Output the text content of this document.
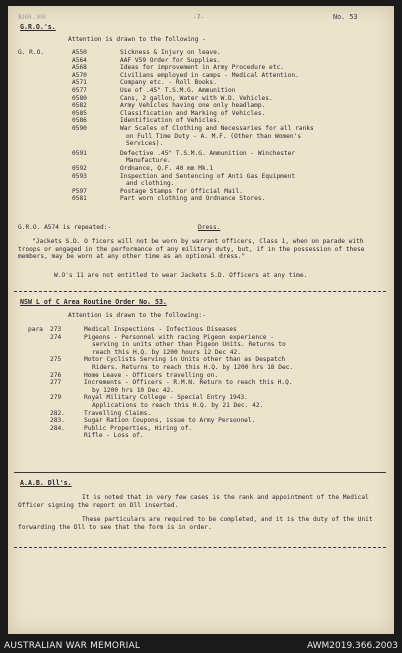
ℝℍℍ.ℍℍ	-7-	No. 53
G.R.O.'s.
Attention is drawn to the following -
G. R.O.	A550	Sickness & Injury on leave.
A564	AAF V59 Order for Supplies.
A568	Ideas for improvement in Army Procedure etc.
A570	Civilians employed in camps - Medical Attention.
A571	Company etc. - Roll Books.
0577	Use of .45" T.S.M.G. Ammunition
0580	Cans, 2 gallon, Water with W.D. Vehicles.
0582	Army Vehicles having one only headlamp.
0585	Classification and Marking of Vehicles.
0586	Identification of Vehicles.
0590	War Scales of Clothing and Necessaries for all ranks
on Full Time Duty - A. M.F. (Other than Women's
Services).
0591	Defective .45" T.S.M.G. Ammunition - Winchester
Manufacture.
0592	Ordnance, Q.F. 40 mm Mk.1
0593	Inspection and Sentencing of Anti Gas Equipment
and clothing.
P597	Postage Stamps for Official Mail.
0581	Part worn clothing and Ordnance Stores.
G.R.O. A574 is repeated:-	Dress.
"Jackets S.D. O ficers will not be worn by warrant officers, Class 1, when on parade with troops or engaged in the performance of any military duty, but, if in the possession of these members, may be worn at any other time as an optional dress."
W.O's 11 are not entitled to wear Jackets S.D. Officers at any time.
NSW L of C Area Routine Order No. 53.
Attention is drawn to the following:-
para 273	Medical Inspections - Infectious Diseases
274	Pigeons - Personnel with racing Pigeon experience -
serving in units other than Pigeon Units. Returns to
reach this H.Q. by 1200 hours 12 Dec 42.
275	Motor Cyclists Serving in Units other than as Despatch
Riders. Returns to reach this H.Q. by 1200 hrs 18 Dec.
276	Home Leave - Officers travelling on.
277	Increments - Officers - R.M.N. Return to reach this H.Q.
by 1200 hrs 10 Dec 42.
279	Royal Military College - Special Entry 1943.
Applications to reach this H.Q. by 21 Dec. 42.
282.	Travelling Claims.
283.	Sugar Ration Coupons, issue to Army Personnel.
284.	Public Properties, Hiring of.
Rifle - Loss of.
A.A.B. Dll's.
It is noted that in very few cases is the rank and appointment of the Medical Officer signing the report on Dll inserted.
These particulars are required to be completed, and it is the duty of the Unit forwarding the Dll to see that the form is in order.
AUSTRALIAN WAR MEMORIAL	AWM2019.366.2003
